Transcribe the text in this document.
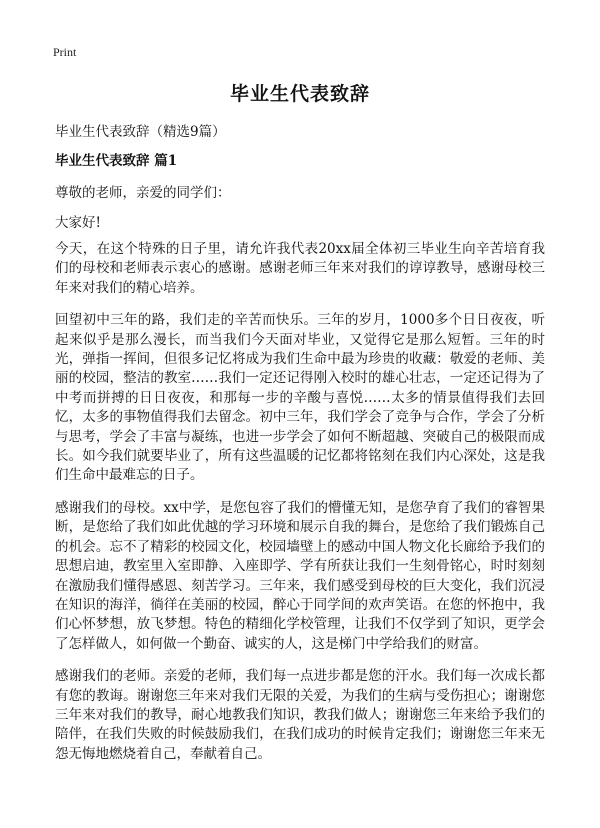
Print
毕业生代表致辞
毕业生代表致辞（精选9篇）
毕业生代表致辞 篇1
尊敬的老师，亲爱的同学们：
大家好!

今天，在这个特殊的日子里，请允许我代表20xx届全体初三毕业生向辛苦培育我们的母校和老师表示衷心的感谢。感谢老师三年来对我们的谆谆教导，感谢母校三年来对我们的精心培养。

回望初中三年的路，我们走的辛苦而快乐。三年的岁月，1000多个日日夜夜，听起来似乎是那么漫长，而当我们今天面对毕业，又觉得它是那么短暂。三年的时光，弹指一挥间，但很多记忆将成为我们生命中最为珍贵的收藏：敬爱的老师、美丽的校园，整洁的教室……我们一定还记得刚入校时的雄心壮志，一定还记得为了中考而拼搏的日日夜夜，和那每一步的辛酸与喜悦……太多的情景值得我们去回忆，太多的事物值得我们去留念。初中三年，我们学会了竞争与合作，学会了分析与思考，学会了丰富与凝练，也进一步学会了如何不断超越、突破自己的极限而成长。如今我们就要毕业了，所有这些温暖的记忆都将铭刻在我们内心深处，这是我们生命中最难忘的日子。

感谢我们的母校。xx中学，是您包容了我们的懵懂无知，是您孕育了我们的睿智果断，是您给了我们如此优越的学习环境和展示自我的舞台，是您给了我们锻炼自己的机会。忘不了精彩的校园文化，校园墙壁上的感动中国人物文化长廊给予我们的思想启迪，教室里入室即静、入座即学、学有所获让我们一生刻骨铭心，时时刻刻在激励我们懂得感恩、刻苦学习。三年来，我们感受到母校的巨大变化，我们沉浸在知识的海洋，徜徉在美丽的校园，醉心于同学间的欢声笑语。在您的怀抱中，我们心怀梦想，放飞梦想。特色的精细化学校管理，让我们不仅学到了知识，更学会了怎样做人，如何做一个勤奋、诚实的人，这是梯门中学给我们的财富。

感谢我们的老师。亲爱的老师，我们每一点进步都是您的汗水。我们每一次成长都有您的教诲。谢谢您三年来对我们无限的关爱，为我们的生病与受伤担心；谢谢您三年来对我们的教导，耐心地教我们知识，教我们做人；谢谢您三年来给予我们的陪伴，在我们失败的时候鼓励我们，在我们成功的时候肯定我们；谢谢您三年来无怨无悔地燃烧着自己，奉献着自己。
